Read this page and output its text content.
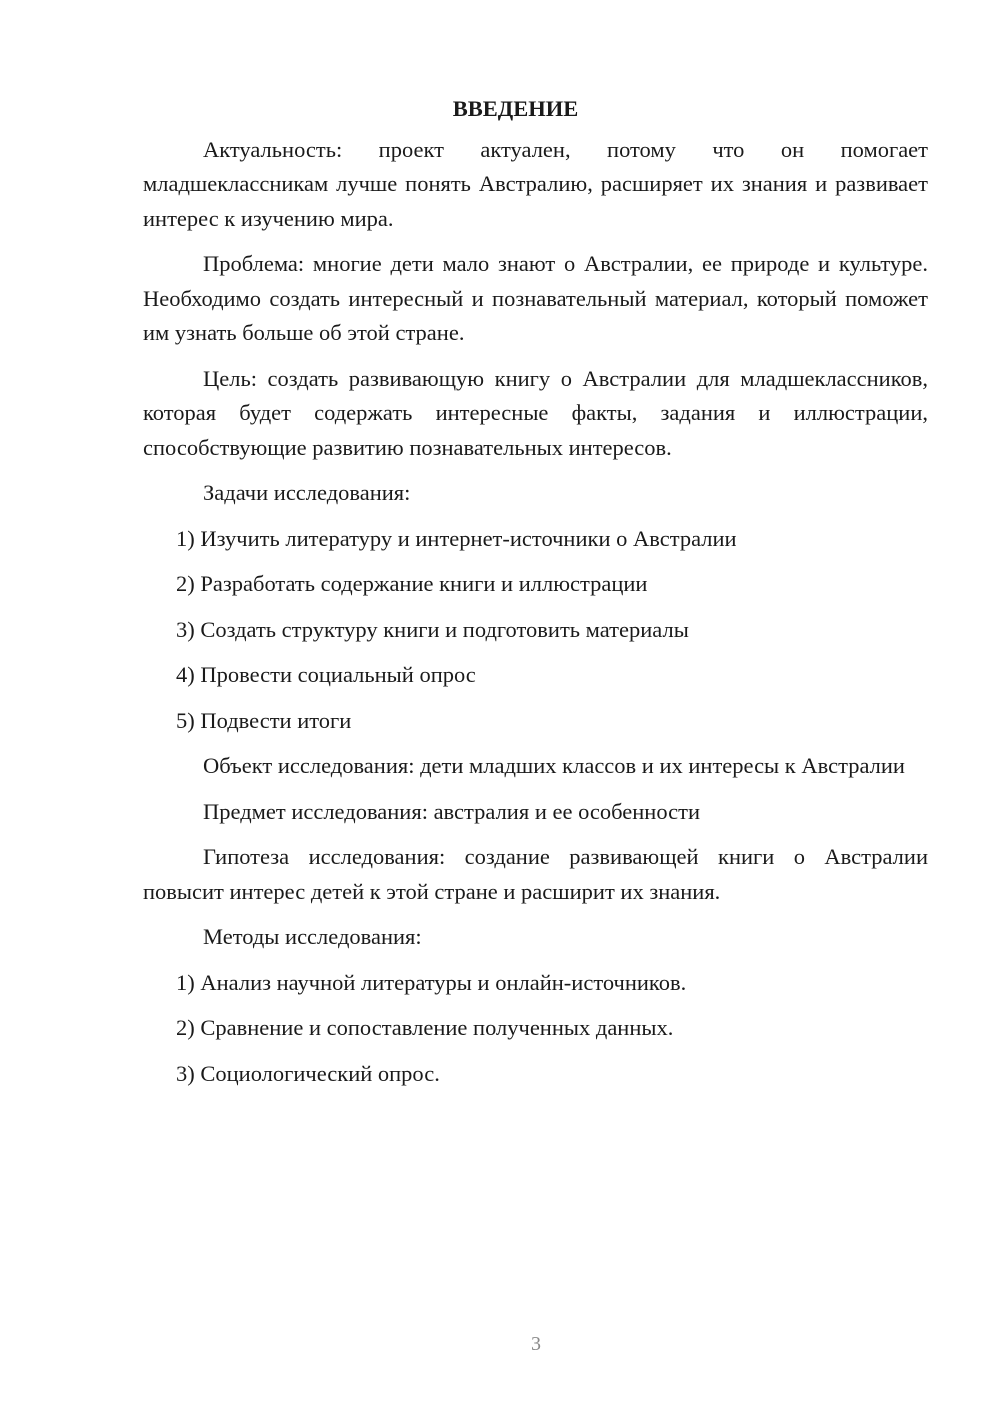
ВВЕДЕНИЕ

Актуальность: проект актуален, потому что он помогает младшеклассникам лучше понять Австралию, расширяет их знания и развивает интерес к изучению мира.

Проблема: многие дети мало знают о Австралии, ее природе и культуре. Необходимо создать интересный и познавательный материал, который поможет им узнать больше об этой стране.

Цель: создать развивающую книгу о Австралии для младшеклассников, которая будет содержать интересные факты, задания и иллюстрации, способствующие развитию познавательных интересов.

Задачи исследования:

1) Изучить литературу и интернет-источники о Австралии
2) Разработать содержание книги и иллюстрации
3) Создать структуру книги и подготовить материалы
4) Провести социальный опрос
5) Подвести итоги

Объект исследования: дети младших классов и их интересы к Австралии

Предмет исследования: австралия и ее особенности

Гипотеза исследования: создание развивающей книги о Австралии повысит интерес детей к этой стране и расширит их знания.

Методы исследования:

1) Анализ научной литературы и онлайн-источников.
2) Сравнение и сопоставление полученных данных.
3) Социологический опрос.
3
